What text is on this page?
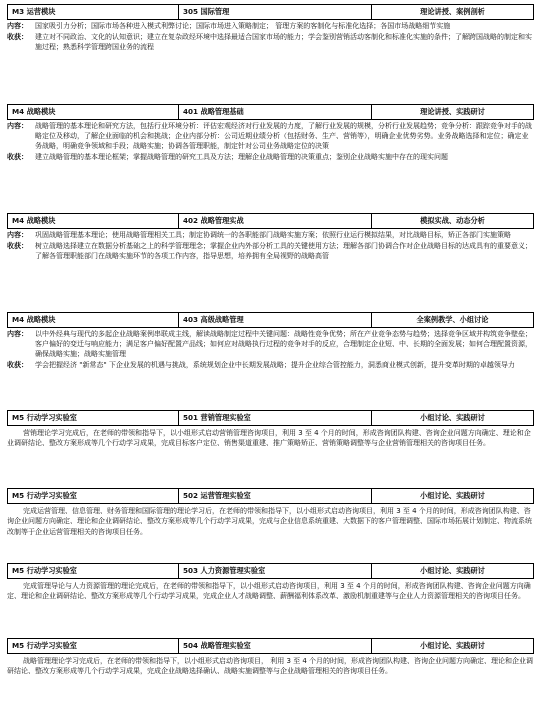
M3 运营模块	305 国际管理	理论讲授、案例剖析
内容： 国家吸引力分析；国际市场各种进入模式利弊讨论；国际市场进入策略制定； 管理方案的客制化与标准化选择；各国市场战略细节实施
收获： 建立对不同政治、文化的认知意识；建立在复杂政经环境中选择最适合国家市场的能力；学会鉴别营销活动客制化和标准化实施的条件；了解跨国战略的制定和实施过程；熟悉科学管理跨国业务的流程
M4 战略模块	401 战略管理基础	理论讲授、实践研讨
内容： 战略管理的基本理论和研究方法，包括行业环境分析：评估宏观经济对行业发展的力度，了解行业发展的规模，分析行业发展趋势；竞争分析：跟踪竞争对手的战略定位及移动，了解企业面临的机会和挑战；企业内部分析：公司近期业绩分析（包括财务、生产、营销等），明确企业优势劣势。业务战略选择和定位；确定业务战略，明确竞争领域和手段；战略实施；协调各管理职能，制定针对公司业务战略定位的决策
收获： 建立战略管理的基本理论框架；掌握战略管理的研究工具及方法；理解企业战略管理的决策重点；鉴别企业战略实施中存在的现实问题
M4 战略模块	402 战略管理实战	模拟实战、动态分析
内容： 巩固战略管理基本理论；使用战略管理相关工具；制定协调统一的各职能部门战略实施方案；依照行业运行模拟结果，对比战略目标，矫正各部门实施策略
收获： 树立战略选择建立在数据分析基础之上的科学管理理念；掌握企业内外部分析工具的关键使用方法；理解各部门协调合作对企业战略目标的达成具有的重要意义；了解各管理职能部门在战略实施环节的各项工作内容，指导思想，培养拥有全局视野的战略高管
M4 战略模块	403 高级战略管理	全案例教学、小组讨论
内容： 以中外经典与现代的多起企业战略案例串联成主线，解读战略制定过程中关键问题：战略性竞争优势；所在产业竞争态势与趋势；选择竞争区域并构筑竞争壁垒；客户偏好的变迁与响应能力；满足客户偏好配置产品线；如何应对战略执行过程的竞争对手的反应，合理制定企业短、中、长期的全面发展；如何合理配置资源，确保战略实施；战略实施管理
收获： 学会把握经济 "新常态" 下企业发展的机遇与挑战，系统规划企业中长期发展战略；提升企业综合管控能力，洞悉商业模式创新，提升变革时期的卓越领导力
M5 行动学习实验室	501 营销管理实验室	小组讨论、实践研讨
营销理论学习完成后，在老师的带领和指导下，以小组形式启动营销管理咨询项目，利用 3 至 4 个月的时间，形成咨询团队构建、咨询企业问题方向确定、理论和企业调研结论、整改方案形成等几个行动学习成果，完成目标客户定位、销售渠道重建、推广策略矫正、营销策略调整等与企业营销管理相关的咨询项目任务。
M5 行动学习实验室	502 运营管理实验室	小组讨论、实践研讨
完成运营管理、信息管理、财务管理和国际管理的理论学习后，在老师的带领和指导下，以小组形式启动咨询项目，利用 3 至 4 个月的时间，形成咨询团队构建、咨询企业问题方向确定、理论和企业调研结论、整改方案形成等几个行动学习成果，完成与企业信息系统重建、大数据下的客户管理调整、国际市场拓展计划制定、物流系统改制等于企业运营管理相关的咨询项目任务。
M5 行动学习实验室	503 人力资源管理实验室	小组讨论、实践研讨
完成管理导论与人力资源管理的理论完成后，在老师的带领和指导下，以小组形式启动咨询项目，利用 3 至 4 个月的时间，形成咨询团队构建、咨询企业问题方向确定、理论和企业调研结论、整改方案形成等几个行动学习成果，完成企业人才战略调整、薪酬福利体系改革、激励机制重建等与企业人力资源管理相关的咨询项目任务。
M5 行动学习实验室	504 战略管理实验室	小组讨论、实践研讨
战略管理理论学习完成后，在老师的带领和指导下，以小组形式启动咨询项目， 利用 3 至 4 个月的时间，形成咨询团队构建、咨询企业问题方向确定、理论和企业调研结论、整改方案形成等几个行动学习成果，完成企业战略选择确认、战略实施调整等与企业战略管理相关的咨询项目任务。
